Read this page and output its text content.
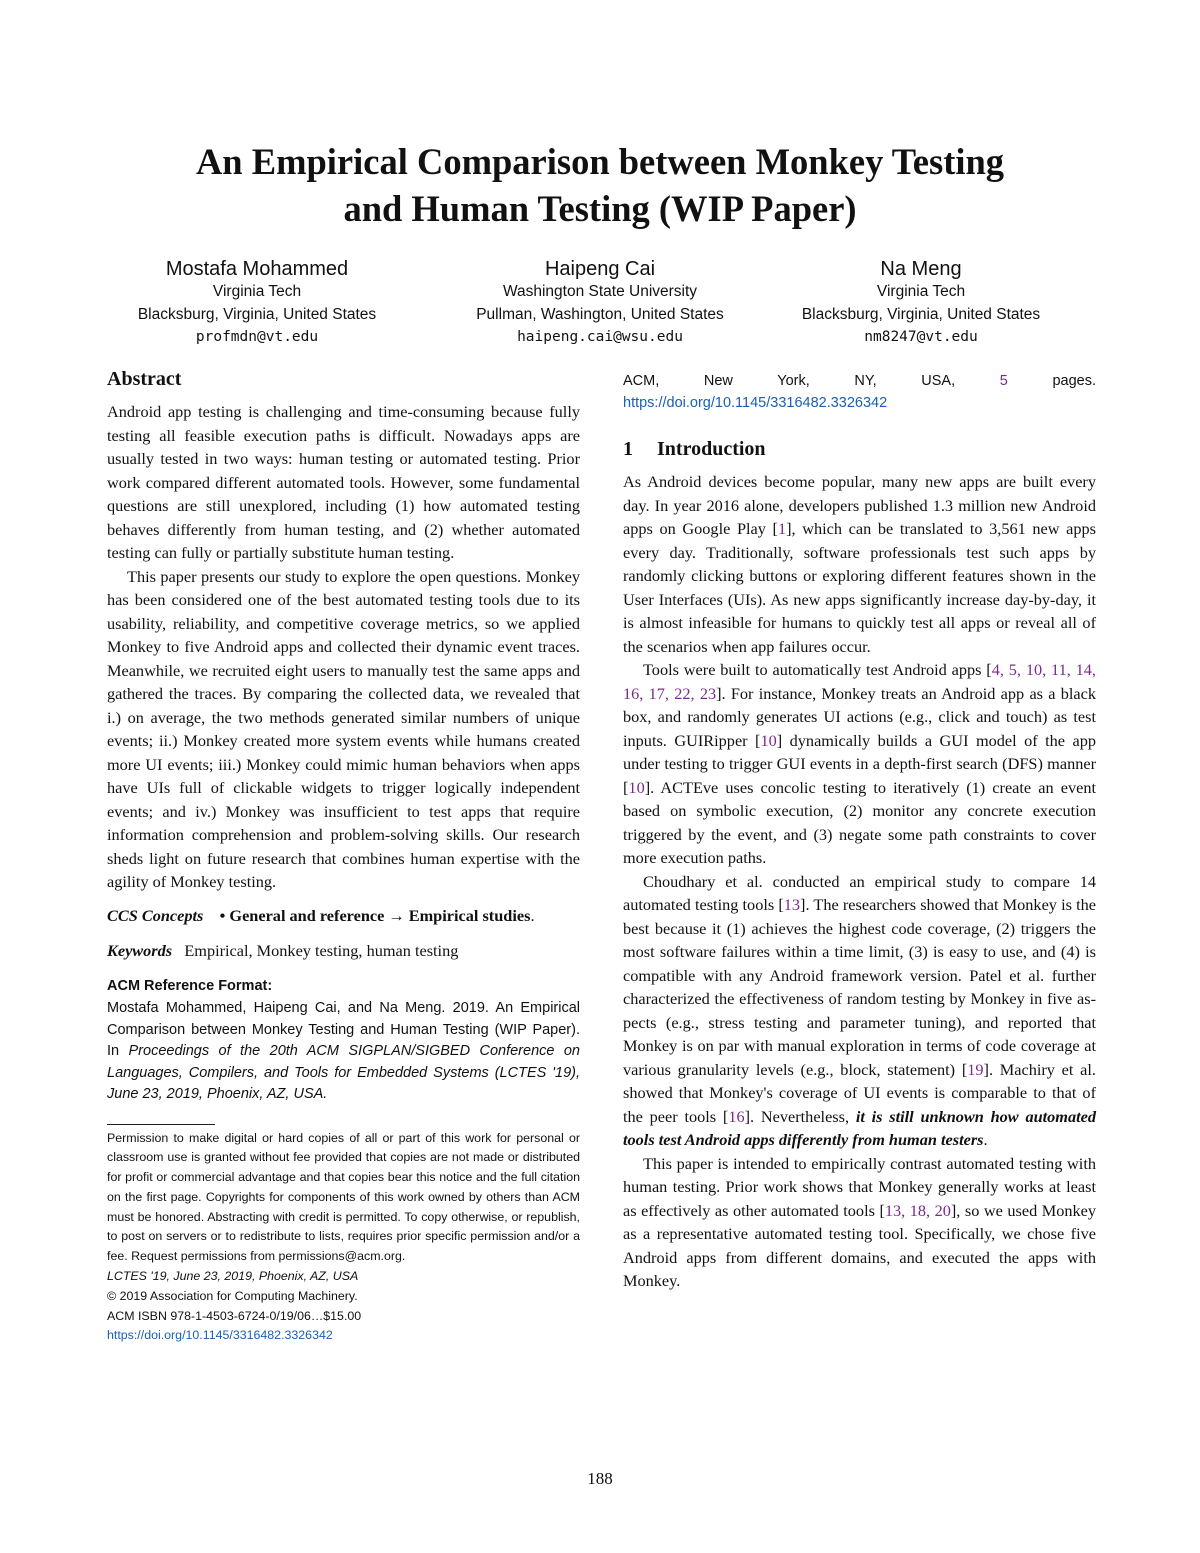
An Empirical Comparison between Monkey Testing
and Human Testing (WIP Paper)
Mostafa Mohammed
Virginia Tech
Blacksburg, Virginia, United States
profmdn@vt.edu
Haipeng Cai
Washington State University
Pullman, Washington, United States
haipeng.cai@wsu.edu
Na Meng
Virginia Tech
Blacksburg, Virginia, United States
nm8247@vt.edu
Abstract

Android app testing is challenging and time-consuming because fully testing all feasible execution paths is difficult. Nowadays apps are usually tested in two ways: human testing or automated testing. Prior work compared different automated tools. However, some fundamental questions are still unexplored, including (1) how automated testing behaves differently from human testing, and (2) whether automated testing can fully or partially substitute human testing.

This paper presents our study to explore the open questions. Monkey has been considered one of the best automated testing tools due to its usability, reliability, and competitive coverage metrics, so we applied Monkey to five Android apps and collected their dynamic event traces. Meanwhile, we recruited eight users to manually test the same apps and gathered the traces. By comparing the collected data, we revealed that i.) on average, the two methods generated similar numbers of unique events; ii.) Monkey created more system events while humans created more UI events; iii.) Monkey could mimic human behaviors when apps have UIs full of clickable widgets to trigger logically independent events; and iv.) Monkey was insufficient to test apps that require information comprehension and problem-solving skills. Our research sheds light on future research that combines human expertise with the agility of Monkey testing.

CCS Concepts • General and reference → Empirical studies.

Keywords Empirical, Monkey testing, human testing

ACM Reference Format:

Mostafa Mohammed, Haipeng Cai, and Na Meng. 2019. An Empirical Comparison between Monkey Testing and Human Testing (WIP Paper). In Proceedings of the 20th ACM SIGPLAN/SIGBED Conference on Languages, Compilers, and Tools for Embedded Systems (LCTES '19), June 23, 2019, Phoenix, AZ, USA.

Permission to make digital or hard copies of all or part of this work for personal or classroom use is granted without fee provided that copies are not made or distributed for profit or commercial advantage and that copies bear this notice and the full citation on the first page. Copyrights for components of this work owned by others than ACM must be honored. Abstracting with credit is permitted. To copy otherwise, or republish, to post on servers or to redistribute to lists, requires prior specific permission and/or a fee. Request permissions from permissions@acm.org.

LCTES '19, June 23, 2019, Phoenix, AZ, USA

© 2019 Association for Computing Machinery.

ACM ISBN 978-1-4503-6724-0/19/06…$15.00

https://doi.org/10.1145/3316482.3326342

ACM, New York, NY, USA, 5 pages. https://doi.org/10.1145/3316482.3326342

1 Introduction

As Android devices become popular, many new apps are built every day. In year 2016 alone, developers published 1.3 million new Android apps on Google Play [1], which can be translated to 3,561 new apps every day. Traditionally, software professionals test such apps by randomly clicking buttons or exploring different features shown in the User Interfaces (UIs). As new apps significantly increase day-by-day, it is almost infeasible for humans to quickly test all apps or reveal all of the scenarios when app failures occur.

Tools were built to automatically test Android apps [4, 5, 10, 11, 14, 16, 17, 22, 23]. For instance, Monkey treats an Android app as a black box, and randomly generates UI actions (e.g., click and touch) as test inputs. GUIRipper [10] dynamically builds a GUI model of the app under testing to trigger GUI events in a depth-first search (DFS) manner [10]. ACTEve uses concolic testing to iteratively (1) create an event based on symbolic execution, (2) monitor any concrete execution triggered by the event, and (3) negate some path constraints to cover more execution paths.

Choudhary et al. conducted an empirical study to compare 14 automated testing tools [13]. The researchers showed that Monkey is the best because it (1) achieves the highest code coverage, (2) triggers the most software failures within a time limit, (3) is easy to use, and (4) is compatible with any Android framework version. Patel et al. further characterized the effectiveness of random testing by Monkey in five aspects (e.g., stress testing and parameter tuning), and reported that Monkey is on par with manual exploration in terms of code coverage at various granularity levels (e.g., block, statement) [19]. Machiry et al. showed that Monkey's coverage of UI events is comparable to that of the peer tools [16]. Nevertheless, it is still unknown how automated tools test Android apps differently from human testers.

This paper is intended to empirically contrast automated testing with human testing. Prior work shows that Monkey generally works at least as effectively as other automated tools [13, 18, 20], so we used Monkey as a representative automated testing tool. Specifically, we chose five Android apps from different domains, and executed the apps with Monkey.

188
